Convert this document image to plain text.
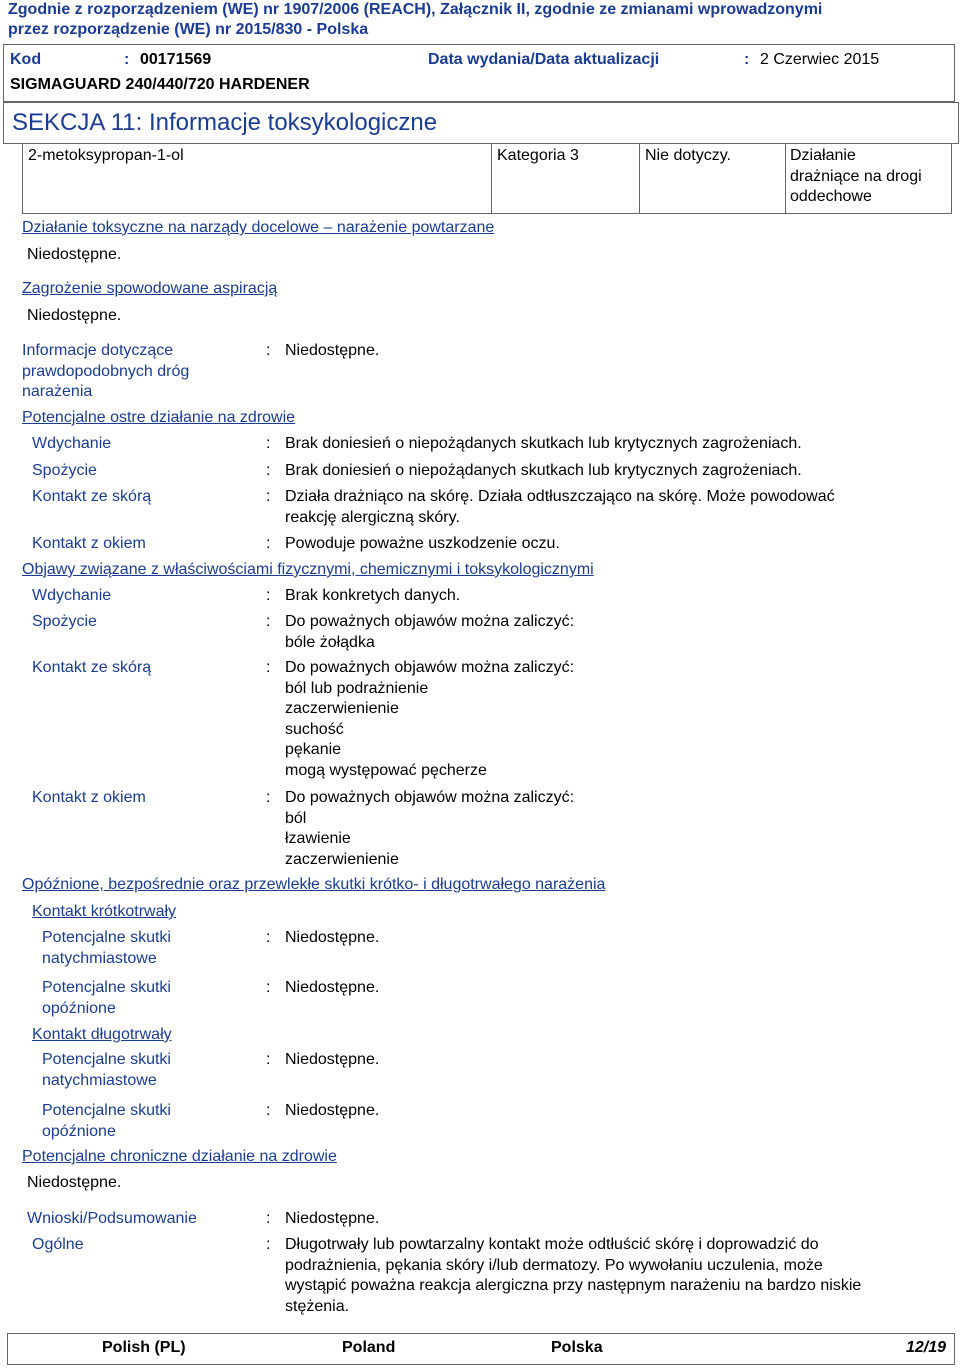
Zgodnie z rozporządzeniem (WE) nr 1907/2006 (REACH), Załącznik II, zgodnie ze zmianami wprowadzonymi
przez rozporządzenie (WE) nr 2015/830 - Polska
Kod	: 00171569	Data wydania/Data aktualizacji	: 2 Czerwiec 2015
SIGMAGUARD 240/440/720 HARDENER
SEKCJA 11: Informacje toksykologiczne
2-metoksypropan-1-ol	Kategoria 3	Nie dotyczy.	Działanie
drażniące na drogi
oddechowe
Działanie toksyczne na narządy docelowe – narażenie powtarzane
Niedostępne.
Zagrożenie spowodowane aspiracją
Niedostępne.
Informacje dotyczące
prawdopodobnych dróg
narażenia
: Niedostępne.
Potencjalne ostre działanie na zdrowie
Wdychanie	: Brak doniesień o niepożądanych skutkach lub krytycznych zagrożeniach.
Spożycie	: Brak doniesień o niepożądanych skutkach lub krytycznych zagrożeniach.
Kontakt ze skórą	: Działa drażniąco na skórę. Działa odtłuszczająco na skórę. Może powodować
reakcję alergiczną skóry.
Kontakt z okiem	: Powoduje poważne uszkodzenie oczu.
Objawy związane z właściwościami fizycznymi, chemicznymi i toksykologicznymi
Wdychanie	: Brak konkretych danych.
Spożycie	: Do poważnych objawów można zaliczyć:
bóle żołądka
Kontakt ze skórą	: Do poważnych objawów można zaliczyć:
ból lub podrażnienie
zaczerwienienie
suchość
pękanie
mogą występować pęcherze
Kontakt z okiem	: Do poważnych objawów można zaliczyć:
ból
łzawienie
zaczerwienienie
Opóźnione, bezpośrednie oraz przewlekłe skutki krótko- i długotrwałego narażenia
Kontakt krótkotrwały
Potencjalne skutki
natychmiastowe
: Niedostępne.
Potencjalne skutki
opóźnione
: Niedostępne.
Kontakt długotrwały
Potencjalne skutki
natychmiastowe
: Niedostępne.
Potencjalne skutki
opóźnione
: Niedostępne.
Potencjalne chroniczne działanie na zdrowie
Niedostępne.
Wnioski/Podsumowanie	: Niedostępne.
Ogólne	: Długotrwały lub powtarzalny kontakt może odtłuścić skórę i doprowadzić do
podrażnienia, pękania skóry i/lub dermatozy. Po wywołaniu uczulenia, może
wystąpić poważna reakcja alergiczna przy następnym narażeniu na bardzo niskie
stężenia.
Polish (PL)	Poland	Polska	12/19
